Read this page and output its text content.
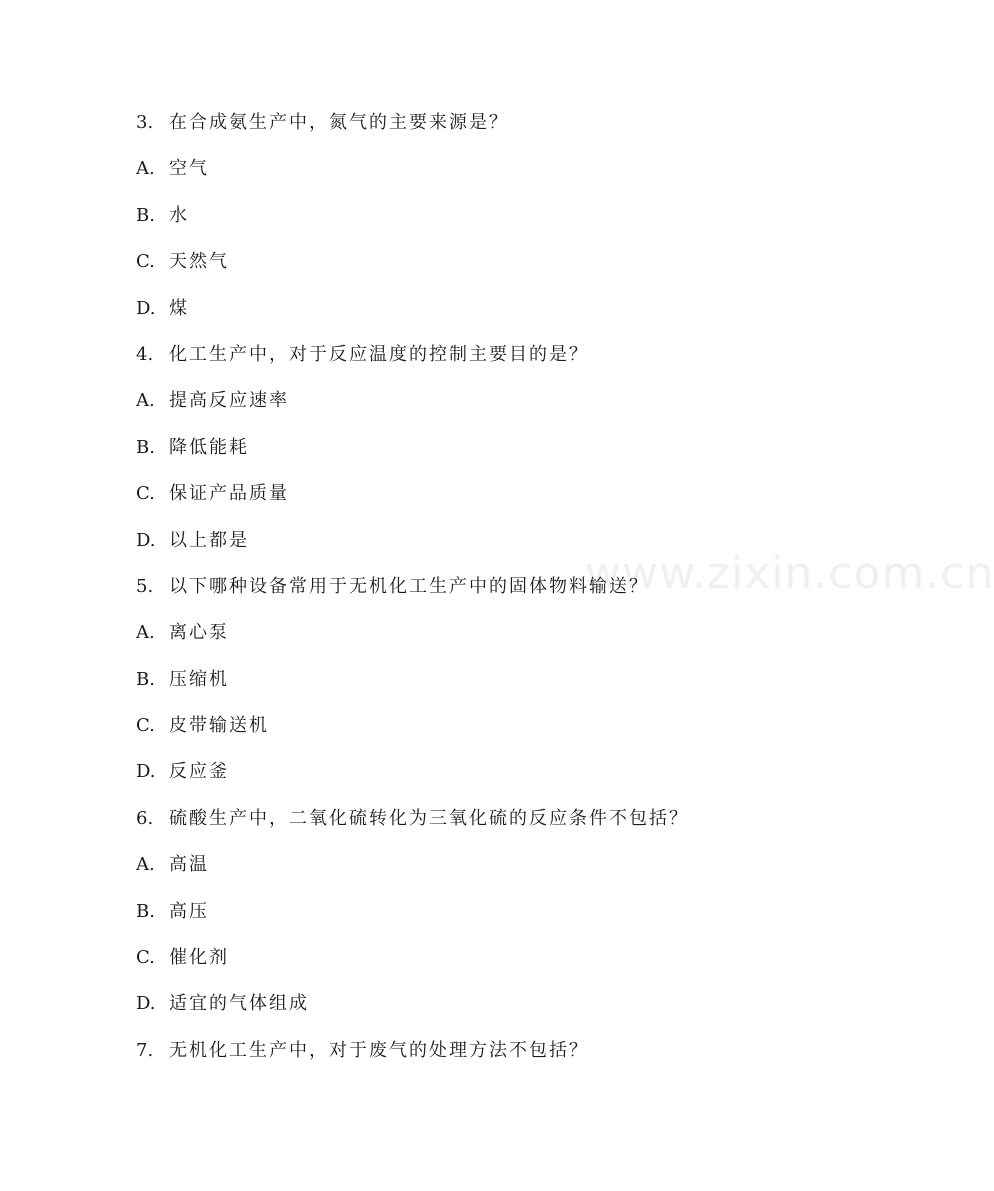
www.zixin.com.cn
3. 在合成氨生产中，氮气的主要来源是？
A. 空气
B. 水
C. 天然气
D. 煤
4. 化工生产中，对于反应温度的控制主要目的是？
A. 提高反应速率
B. 降低能耗
C. 保证产品质量
D. 以上都是
5. 以下哪种设备常用于无机化工生产中的固体物料输送？
A. 离心泵
B. 压缩机
C. 皮带输送机
D. 反应釜
6. 硫酸生产中，二氧化硫转化为三氧化硫的反应条件不包括？
A. 高温
B. 高压
C. 催化剂
D. 适宜的气体组成
7. 无机化工生产中，对于废气的处理方法不包括？
